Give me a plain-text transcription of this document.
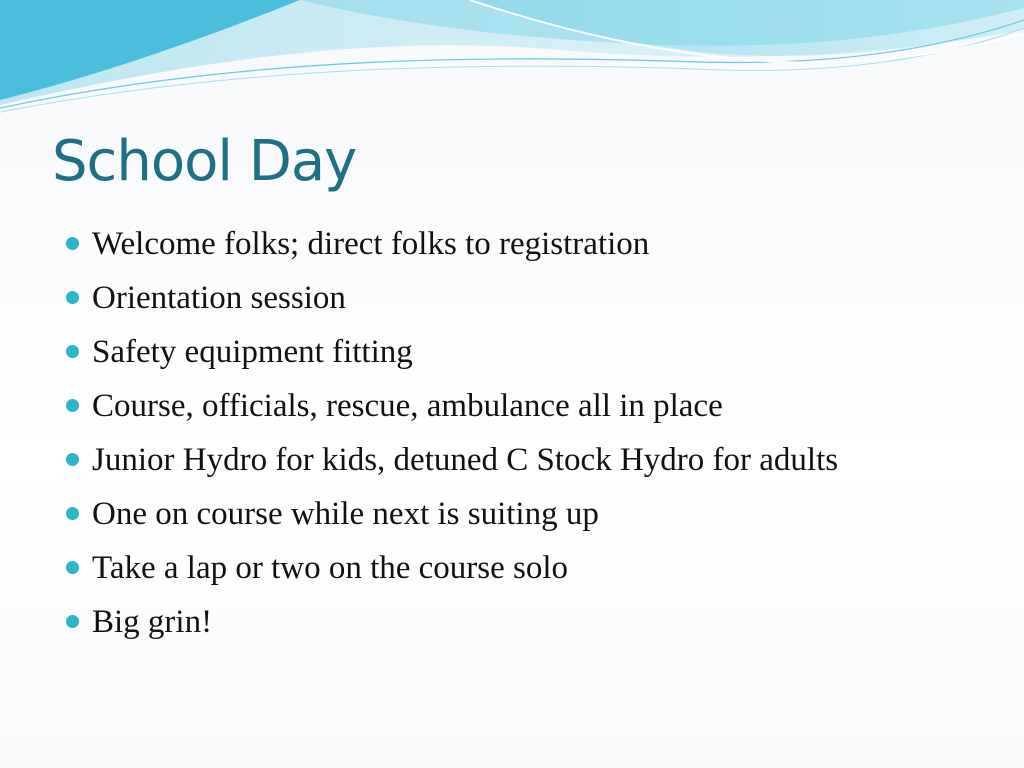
School Day
Welcome folks; direct folks to registration
Orientation session
Safety equipment fitting
Course, officials, rescue, ambulance all in place
Junior Hydro for kids, detuned C Stock Hydro for adults
One on course while next is suiting up
Take a lap or two on the course solo
Big grin!
